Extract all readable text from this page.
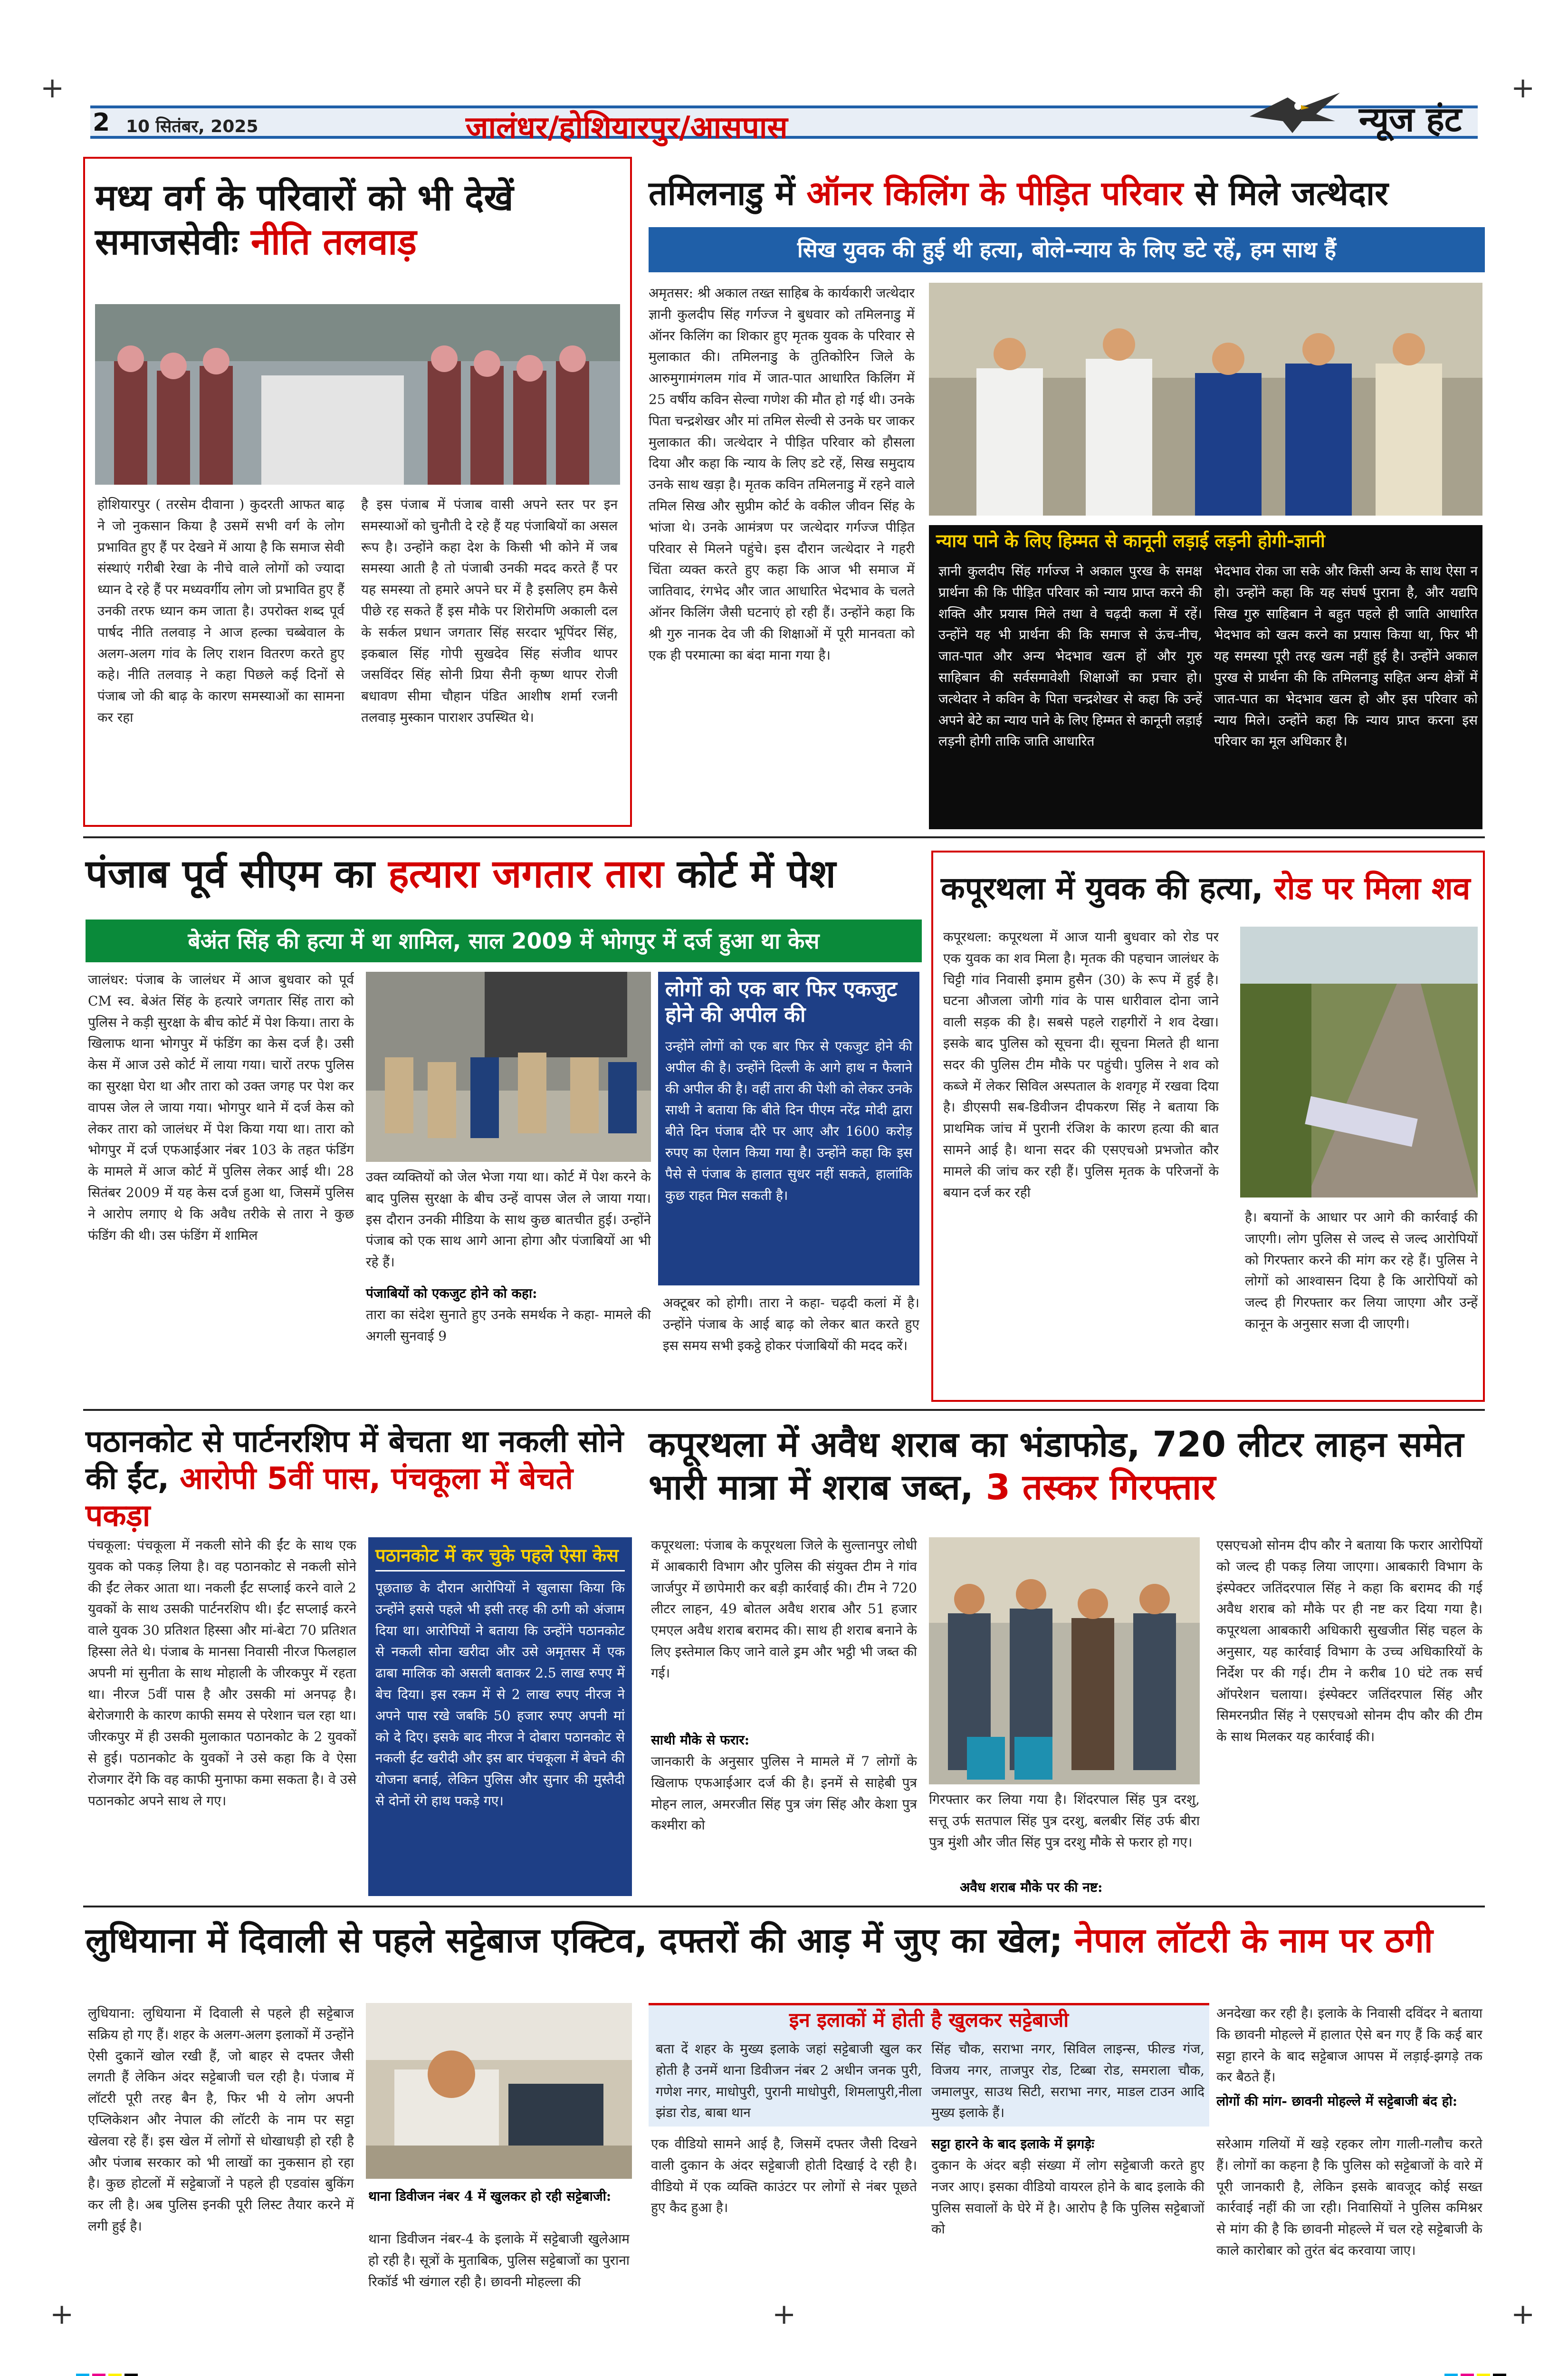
+	+
+	+
+
2 10 सितंबर, 2025	जालंधर/होशियारपुर/आसपास	न्यूज हंट
मध्य वर्ग के परिवारों को भी देखें समाजसेवीः नीति तलवाड़
होशियारपुर ( तरसेम दीवाना ) कुदरती आफत बाढ़ ने जो नुकसान किया है उसमें सभी वर्ग के लोग प्रभावित हुए हैं पर देखने में आया है कि समाज सेवी संस्थाएं गरीबी रेखा के नीचे वाले लोगों को ज्यादा ध्यान दे रहे हैं पर मध्यवर्गीय लोग जो प्रभावित हुए हैं उनकी तरफ ध्यान कम जाता है। उपरोक्त शब्द पूर्व पार्षद नीति तलवाड़ ने आज हल्का चब्बेवाल के अलग-अलग गांव के लिए राशन वितरण करते हुए कहे। नीति तलवाड़ ने कहा पिछले कई दिनों से पंजाब जो की बाढ़ के कारण समस्याओं का सामना कर रहा
है इस पंजाब में पंजाब वासी अपने स्तर पर इन समस्याओं को चुनौती दे रहे हैं यह पंजाबियों का असल रूप है। उन्होंने कहा देश के किसी भी कोने में जब समस्या आती है तो पंजाबी उनकी मदद करते हैं पर यह समस्या तो हमारे अपने घर में है इसलिए हम कैसे पीछे रह सकते हैं इस मौके पर शिरोमणि अकाली दल के सर्कल प्रधान जगतार सिंह सरदार भूपिंदर सिंह, इकबाल सिंह गोपी सुखदेव सिंह संजीव थापर जसविंदर सिंह सोनी प्रिया सैनी कृष्ण थापर रोजी बधावण सीमा चौहान पंडित आशीष शर्मा रजनी तलवाड़ मुस्कान पाराशर उपस्थित थे।
तमिलनाडु में ऑनर किलिंग के पीड़ित परिवार से मिले जत्थेदार
सिख युवक की हुई थी हत्या, बोले-न्याय के लिए डटे रहें, हम साथ हैं
अमृतसर: श्री अकाल तख्त साहिब के कार्यकारी जत्थेदार ज्ञानी कुलदीप सिंह गर्गज्ज ने बुधवार को तमिलनाडु में ऑनर किलिंग का शिकार हुए मृतक युवक के परिवार से मुलाकात की। तमिलनाडु के तुतिकोरिन जिले के आरुमुगामंगलम गांव में जात-पात आधारित किलिंग में 25 वर्षीय कविन सेल्वा गणेश की मौत हो गई थी। उनके पिता चन्द्रशेखर और मां तमिल सेल्वी से उनके घर जाकर मुलाकात की। जत्थेदार ने पीड़ित परिवार को हौसला दिया और कहा कि न्याय के लिए डटे रहें, सिख समुदाय उनके साथ खड़ा है। मृतक कविन तमिलनाडु में रहने वाले तमिल सिख और सुप्रीम कोर्ट के वकील जीवन सिंह के भांजा थे। उनके आमंत्रण पर जत्थेदार गर्गज्ज पीड़ित परिवार से मिलने पहुंचे। इस दौरान जत्थेदार ने गहरी चिंता व्यक्त करते हुए कहा कि आज भी समाज में जातिवाद, रंगभेद और जात आधारित भेदभाव के चलते ऑनर किलिंग जैसी घटनाएं हो रही हैं। उन्होंने कहा कि श्री गुरु नानक देव जी की शिक्षाओं में पूरी मानवता को एक ही परमात्मा का बंदा माना गया है।
न्याय पाने के लिए हिम्मत से कानूनी लड़ाई लड़नी होगी-ज्ञानी
ज्ञानी कुलदीप सिंह गर्गज्ज ने अकाल पुरख के समक्ष प्रार्थना की कि पीड़ित परिवार को न्याय प्राप्त करने की शक्ति और प्रयास मिले तथा वे चढ़दी कला में रहें। उन्होंने यह भी प्रार्थना की कि समाज से ऊंच-नीच, जात-पात और अन्य भेदभाव खत्म हों और गुरु साहिबान की सर्वसमावेशी शिक्षाओं का प्रचार हो। जत्थेदार ने कविन के पिता चन्द्रशेखर से कहा कि उन्हें अपने बेटे का न्याय पाने के लिए हिम्मत से कानूनी लड़ाई लड़नी होगी ताकि जाति आधारित
भेदभाव रोका जा सके और किसी अन्य के साथ ऐसा न हो। उन्होंने कहा कि यह संघर्ष पुराना है, और यद्यपि सिख गुरु साहिबान ने बहुत पहले ही जाति आधारित भेदभाव को खत्म करने का प्रयास किया था, फिर भी यह समस्या पूरी तरह खत्म नहीं हुई है। उन्होंने अकाल पुरख से प्रार्थना की कि तमिलनाडु सहित अन्य क्षेत्रों में जात-पात का भेदभाव खत्म हो और इस परिवार को न्याय मिले। उन्होंने कहा कि न्याय प्राप्त करना इस परिवार का मूल अधिकार है।
पंजाब पूर्व सीएम का हत्यारा जगतार तारा कोर्ट में पेश
बेअंत सिंह की हत्या में था शामिल, साल 2009 में भोगपुर में दर्ज हुआ था केस
जालंधर: पंजाब के जालंधर में आज बुधवार को पूर्व CM स्व. बेअंत सिंह के हत्यारे जगतार सिंह तारा को पुलिस ने कड़ी सुरक्षा के बीच कोर्ट में पेश किया। तारा के खिलाफ थाना भोगपुर में फंडिंग का केस दर्ज है। उसी केस में आज उसे कोर्ट में लाया गया। चारों तरफ पुलिस का सुरक्षा घेरा था और तारा को उक्त जगह पर पेश कर वापस जेल ले जाया गया। भोगपुर थाने में दर्ज केस को लेकर तारा को जालंधर में पेश किया गया था। तारा को भोगपुर में दर्ज एफआईआर नंबर 103 के तहत फंडिंग के मामले में आज कोर्ट में पुलिस लेकर आई थी। 28 सितंबर 2009 में यह केस दर्ज हुआ था, जिसमें पुलिस ने आरोप लगाए थे कि अवैध तरीके से तारा ने कुछ फंडिंग की थी। उस फंडिंग में शामिल
उक्त व्यक्तियों को जेल भेजा गया था। कोर्ट में पेश करने के बाद पुलिस सुरक्षा के बीच उन्हें वापस जेल ले जाया गया। इस दौरान उनकी मीडिया के साथ कुछ बातचीत हुई। उन्होंने पंजाब को एक साथ आगे आना होगा और पंजाबियों आ भी रहे हैं।
पंजाबियों को एकजुट होने को कहा:
तारा का संदेश सुनाते हुए उनके समर्थक ने कहा- मामले की अगली सुनवाई 9
लोगों को एक बार फिर एकजुट होने की अपील की
उन्होंने लोगों को एक बार फिर से एकजुट होने की अपील की है। उन्होंने दिल्ली के आगे हाथ न फैलाने की अपील की है। वहीं तारा की पेशी को लेकर उनके साथी ने बताया कि बीते दिन पीएम नरेंद्र मोदी द्वारा बीते दिन पंजाब दौरे पर आए और 1600 करोड़ रुपए का ऐलान किया गया है। उन्होंने कहा कि इस पैसे से पंजाब के हालात सुधर नहीं सकते, हालांकि कुछ राहत मिल सकती है।
अक्टूबर को होगी। तारा ने कहा- चढ़दी कलां में है। उन्होंने पंजाब के आई बाढ़ को लेकर बात करते हुए इस समय सभी इकट्ठे होकर पंजाबियों की मदद करें।
कपूरथला में युवक की हत्या, रोड पर मिला शव
कपूरथला: कपूरथला में आज यानी बुधवार को रोड पर एक युवक का शव मिला है। मृतक की पहचान जालंधर के चिट्टी गांव निवासी इमाम हुसैन (30) के रूप में हुई है। घटना औजला जोगी गांव के पास धारीवाल दोना जाने वाली सड़क की है। सबसे पहले राहगीरों ने शव देखा। इसके बाद पुलिस को सूचना दी। सूचना मिलते ही थाना सदर की पुलिस टीम मौके पर पहुंची। पुलिस ने शव को कब्जे में लेकर सिविल अस्पताल के शवगृह में रखवा दिया है। डीएसपी सब-डिवीजन दीपकरण सिंह ने बताया कि प्राथमिक जांच में पुरानी रंजिश के कारण हत्या की बात सामने आई है। थाना सदर की एसएचओ प्रभजोत कौर मामले की जांच कर रही हैं। पुलिस मृतक के परिजनों के बयान दर्ज कर रही
है। बयानों के आधार पर आगे की कार्रवाई की जाएगी। लोग पुलिस से जल्द से जल्द आरोपियों को गिरफ्तार करने की मांग कर रहे हैं। पुलिस ने लोगों को आश्वासन दिया है कि आरोपियों को जल्द ही गिरफ्तार कर लिया जाएगा और उन्हें कानून के अनुसार सजा दी जाएगी।
पठानकोट से पार्टनरशिप में बेचता था नकली सोने की ईंट, आरोपी 5वीं पास, पंचकूला में बेचते पकड़ा
पंचकूला: पंचकूला में नकली सोने की ईंट के साथ एक युवक को पकड़ लिया है। वह पठानकोट से नकली सोने की ईंट लेकर आता था। नकली ईंट सप्लाई करने वाले 2 युवकों के साथ उसकी पार्टनरशिप थी। ईंट सप्लाई करने वाले युवक 30 प्रतिशत हिस्सा और मां-बेटा 70 प्रतिशत हिस्सा लेते थे। पंजाब के मानसा निवासी नीरज फिलहाल अपनी मां सुनीता के साथ मोहाली के जीरकपुर में रहता था। नीरज 5वीं पास है और उसकी मां अनपढ़ है। बेरोजगारी के कारण काफी समय से परेशान चल रहा था। जीरकपुर में ही उसकी मुलाकात पठानकोट के 2 युवकों से हुई। पठानकोट के युवकों ने उसे कहा कि वे ऐसा रोजगार देंगे कि वह काफी मुनाफा कमा सकता है। वे उसे पठानकोट अपने साथ ले गए।
पठानकोट में कर चुके पहले ऐसा केस
पूछताछ के दौरान आरोपियों ने खुलासा किया कि उन्होंने इससे पहले भी इसी तरह की ठगी को अंजाम दिया था। आरोपियों ने बताया कि उन्होंने पठानकोट से नकली सोना खरीदा और उसे अमृतसर में एक ढाबा मालिक को असली बताकर 2.5 लाख रुपए में बेच दिया। इस रकम में से 2 लाख रुपए नीरज ने अपने पास रखे जबकि 50 हजार रुपए अपनी मां को दे दिए। इसके बाद नीरज ने दोबारा पठानकोट से नकली ईंट खरीदी और इस बार पंचकूला में बेचने की योजना बनाई, लेकिन पुलिस और सुनार की मुस्तैदी से दोनों रंगे हाथ पकड़े गए।
कपूरथला में अवैध शराब का भंडाफोड, 720 लीटर लाहन समेत भारी मात्रा में शराब जब्त, 3 तस्कर गिरफ्तार
कपूरथला: पंजाब के कपूरथला जिले के सुल्तानपुर लोधी में आबकारी विभाग और पुलिस की संयुक्त टीम ने गांव जार्जपुर में छापेमारी कर बड़ी कार्रवाई की। टीम ने 720 लीटर लाहन, 49 बोतल अवैध शराब और 51 हजार एमएल अवैध शराब बरामद की। साथ ही शराब बनाने के लिए इस्तेमाल किए जाने वाले ड्रम और भट्ठी भी जब्त की गई।
साथी मौके से फरार:
जानकारी के अनुसार पुलिस ने मामले में 7 लोगों के खिलाफ एफआईआर दर्ज की है। इनमें से साहेबी पुत्र मोहन लाल, अमरजीत सिंह पुत्र जंग सिंह और केशा पुत्र कश्मीरा को
गिरफ्तार कर लिया गया है। शिंदरपाल सिंह पुत्र दरशु, सत्तू उर्फ सतपाल सिंह पुत्र दरशु, बलबीर सिंह उर्फ बीरा पुत्र मुंशी और जीत सिंह पुत्र दरशु मौके से फरार हो गए।
अवैध शराब मौके पर की नष्ट:
एसएचओ सोनम दीप कौर ने बताया कि फरार आरोपियों को जल्द ही पकड़ लिया जाएगा। आबकारी विभाग के इंस्पेक्टर जतिंदरपाल सिंह ने कहा कि बरामद की गई अवैध शराब को मौके पर ही नष्ट कर दिया गया है। कपूरथला आबकारी अधिकारी सुखजीत सिंह चहल के अनुसार, यह कार्रवाई विभाग के उच्च अधिकारियों के निर्देश पर की गई। टीम ने करीब 10 घंटे तक सर्च ऑपरेशन चलाया। इंस्पेक्टर जतिंदरपाल सिंह और सिमरनप्रीत सिंह ने एसएचओ सोनम दीप कौर की टीम के साथ मिलकर यह कार्रवाई की।
लुधियाना में दिवाली से पहले सट्टेबाज एक्टिव, दफ्तरों की आड़ में जुए का खेल; नेपाल लॉटरी के नाम पर ठगी
लुधियाना: लुधियाना में दिवाली से पहले ही सट्टेबाज सक्रिय हो गए हैं। शहर के अलग-अलग इलाकों में उन्होंने ऐसी दुकानें खोल रखी हैं, जो बाहर से दफ्तर जैसी लगती हैं लेकिन अंदर सट्टेबाजी चल रही है। पंजाब में लॉटरी पूरी तरह बैन है, फिर भी ये लोग अपनी एप्लिकेशन और नेपाल की लॉटरी के नाम पर सट्टा खेलवा रहे हैं। इस खेल में लोगों से धोखाधड़ी हो रही है और पंजाब सरकार को भी लाखों का नुकसान हो रहा है। कुछ होटलों में सट्टेबाजों ने पहले ही एडवांस बुकिंग कर ली है। अब पुलिस इनकी पूरी लिस्ट तैयार करने में लगी हुई है।
थाना डिवीजन नंबर 4 में खुलकर हो रही सट्टेबाजी:
थाना डिवीजन नंबर-4 के इलाके में सट्टेबाजी खुलेआम हो रही है। सूत्रों के मुताबिक, पुलिस सट्टेबाजों का पुराना रिकॉर्ड भी खंगाल रही है। छावनी मोहल्ला की
इन इलाकों में होती है खुलकर सट्टेबाजी
बता दें शहर के मुख्य इलाके जहां सट्टेबाजी खुल कर होती है उनमें थाना डिवीजन नंबर 2 अधीन जनक पुरी, गणेश नगर, माधोपुरी, पुरानी माधोपुरी, शिमलापुरी,नीला झंडा रोड, बाबा थान
सिंह चौक, सराभा नगर, सिविल लाइन्स, फील्ड गंज, विजय नगर, ताजपुर रोड, टिब्बा रोड, समराला चौक, जमालपुर, साउथ सिटी, सराभा नगर, माडल टाउन आदि मुख्य इलाके हैं।
एक वीडियो सामने आई है, जिसमें दफ्तर जैसी दिखने वाली दुकान के अंदर सट्टेबाजी होती दिखाई दे रही है। वीडियो में एक व्यक्ति काउंटर पर लोगों से नंबर पूछते हुए कैद हुआ है।
सट्टा हारने के बाद इलाके में झगड़ेः
दुकान के अंदर बड़ी संख्या में लोग सट्टेबाजी करते हुए नजर आए। इसका वीडियो वायरल होने के बाद इलाके की पुलिस सवालों के घेरे में है। आरोप है कि पुलिस सट्टेबाजों को
अनदेखा कर रही है। इलाके के निवासी दविंदर ने बताया कि छावनी मोहल्ले में हालात ऐसे बन गए हैं कि कई बार सट्टा हारने के बाद सट्टेबाज आपस में लड़ाई-झगड़े तक कर बैठते हैं।
लोगों की मांग- छावनी मोहल्ले में सट्टेबाजी बंद हो:
सरेआम गलियों में खड़े रहकर लोग गाली-गलौच करते हैं। लोगों का कहना है कि पुलिस को सट्टेबाजों के वारे में पूरी जानकारी है, लेकिन इसके बावजूद कोई सख्त कार्रवाई नहीं की जा रही। निवासियों ने पुलिस कमिश्नर से मांग की है कि छावनी मोहल्ले में चल रहे सट्टेबाजी के काले कारोबार को तुरंत बंद करवाया जाए।
